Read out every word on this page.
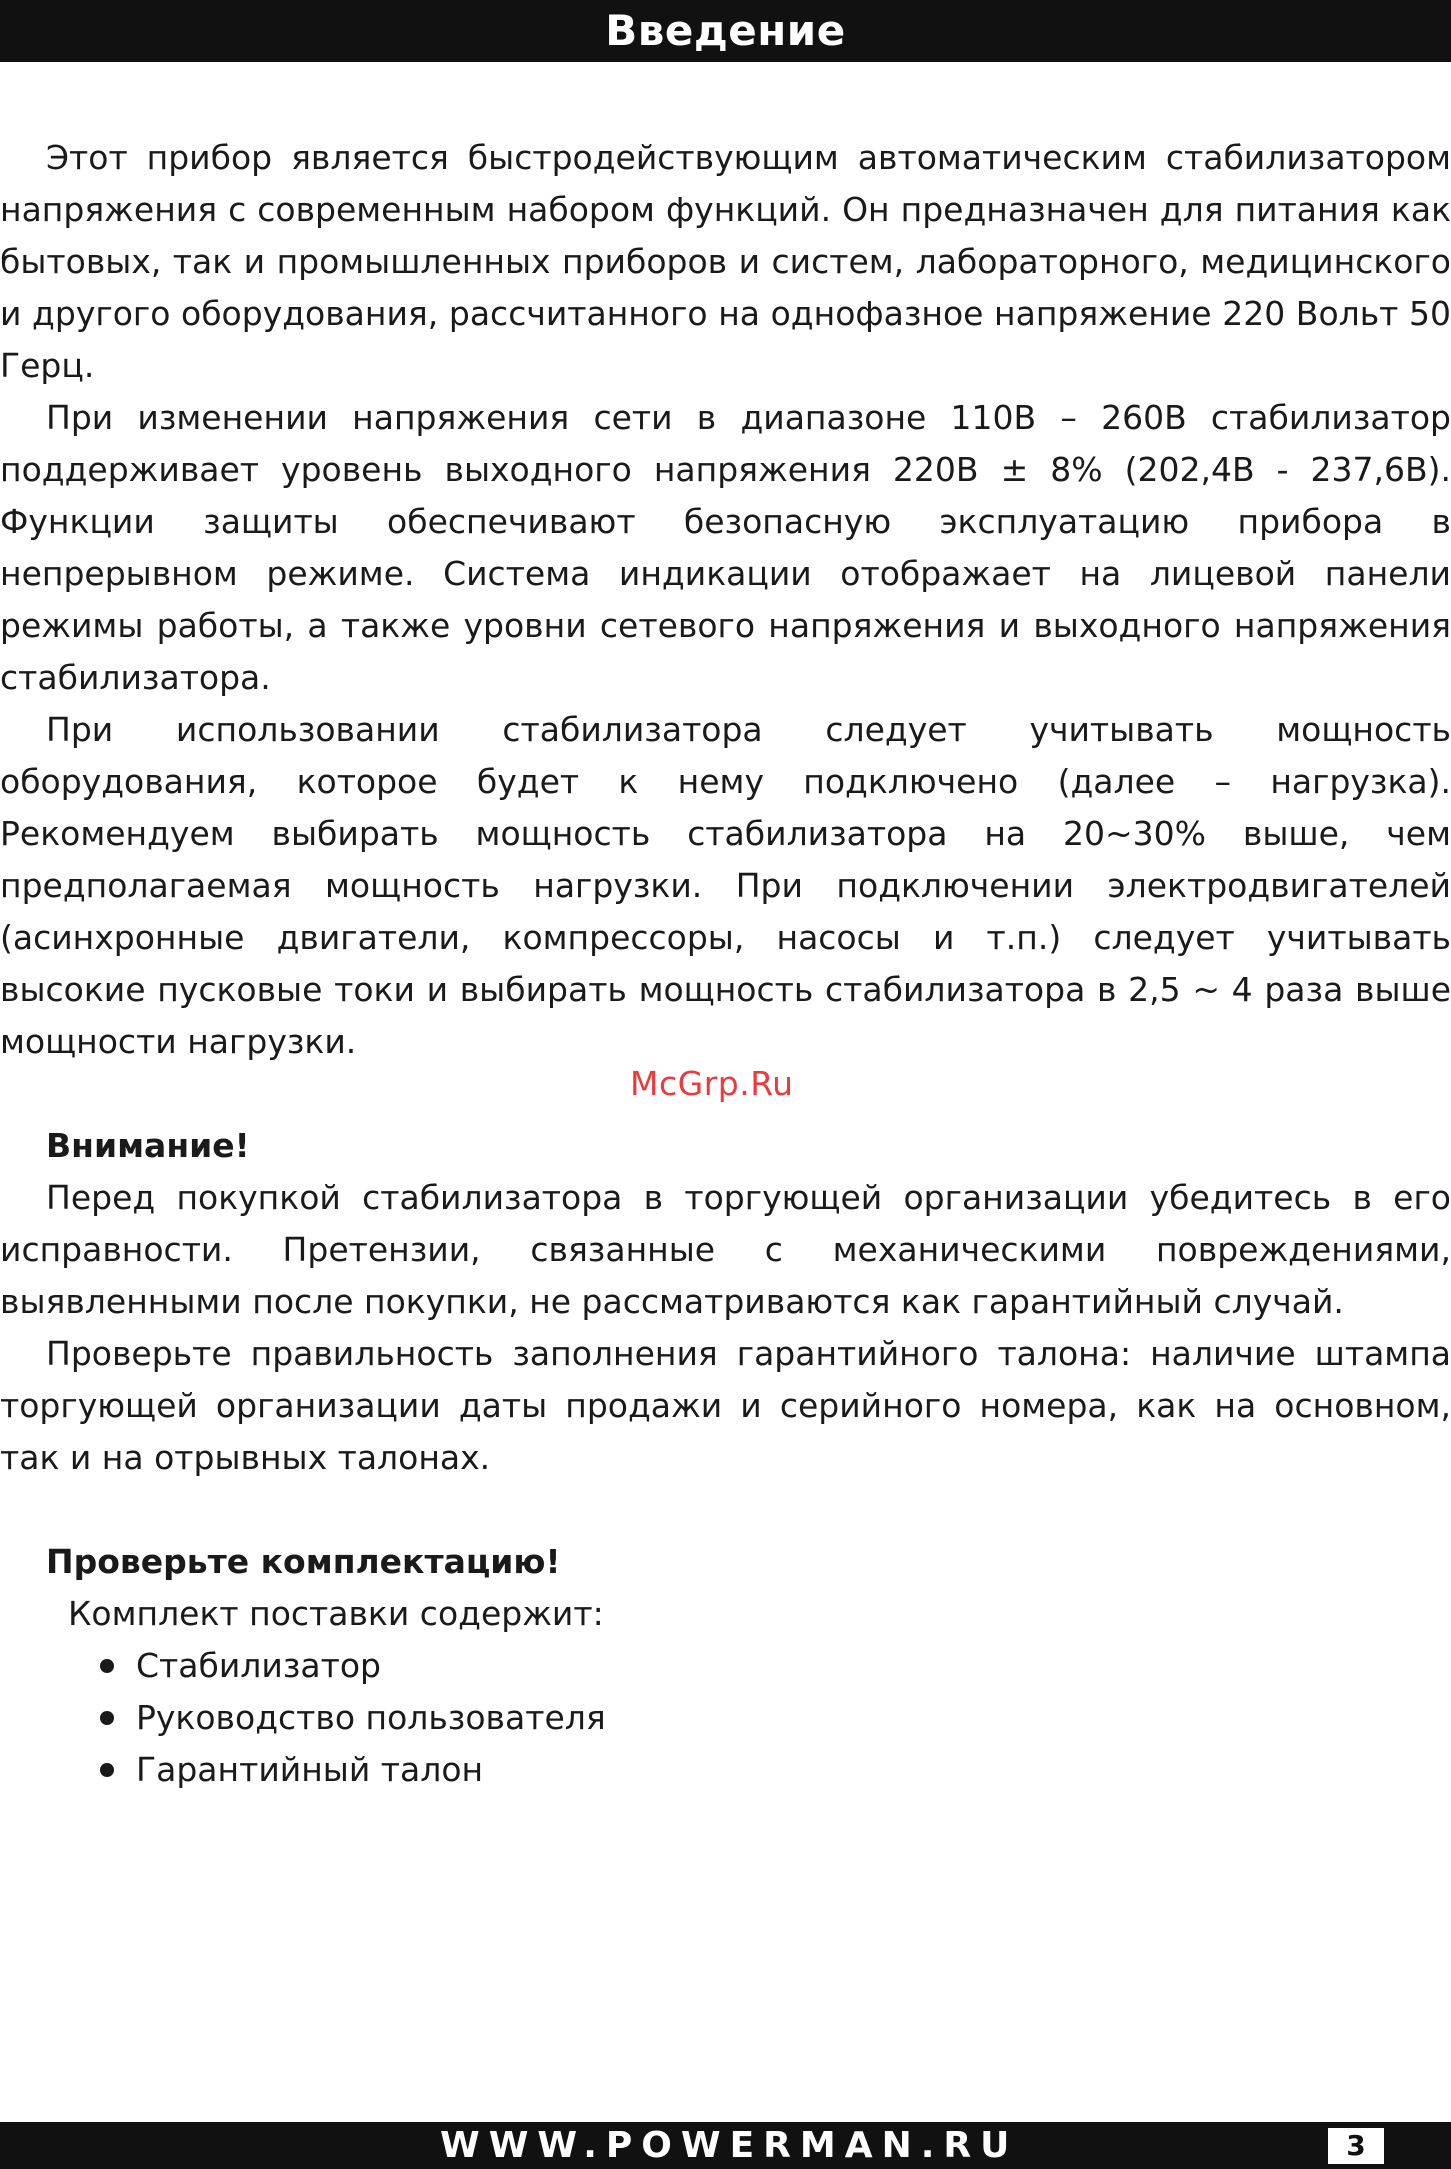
Введение

Этот прибор является быстродействующим автоматическим стабилизатором напряжения с современным набором функций. Он предназначен для питания как бытовых, так и промышленных приборов и систем, лабораторного, медицинского и другого оборудования, рассчитанного на однофазное напряжение 220 Вольт 50 Герц.

При изменении напряжения сети в диапазоне 110В – 260В стабилизатор поддерживает уровень выходного напряжения 220В ± 8% (202,4В - 237,6В). Функции защиты обеспечивают безопасную эксплуатацию прибора в непрерывном режиме. Система индикации отображает на лицевой панели режимы работы, а также уровни сетевого напряжения и выходного напряжения стабилизатора.

При использовании стабилизатора следует учитывать мощность оборудования, которое будет к нему подключено (далее – нагрузка). Рекомендуем выбирать мощность стабилизатора на 20~30% выше, чем предполагаемая мощность нагрузки. При подключении электродвигателей (асинхронные двигатели, компрессоры, насосы и т.п.) следует учитывать высокие пусковые токи и выбирать мощность стабилизатора в 2,5 ~ 4 раза выше мощности нагрузки.

Внимание!

Перед покупкой стабилизатора в торгующей организации убедитесь в его исправности. Претензии, связанные с механическими повреждениями, выявленными после покупки, не рассматриваются как гарантийный случай.

Проверьте правильность заполнения гарантийного талона: наличие штампа торгующей организации даты продажи и серийного номера, как на основном, так и на отрывных талонах.

Проверьте комплектацию!

Комплект поставки содержит:

Стабилизатор
Руководство пользователя
Гарантийный талон
McGrp.Ru
WWW.POWERMAN.RU	3
